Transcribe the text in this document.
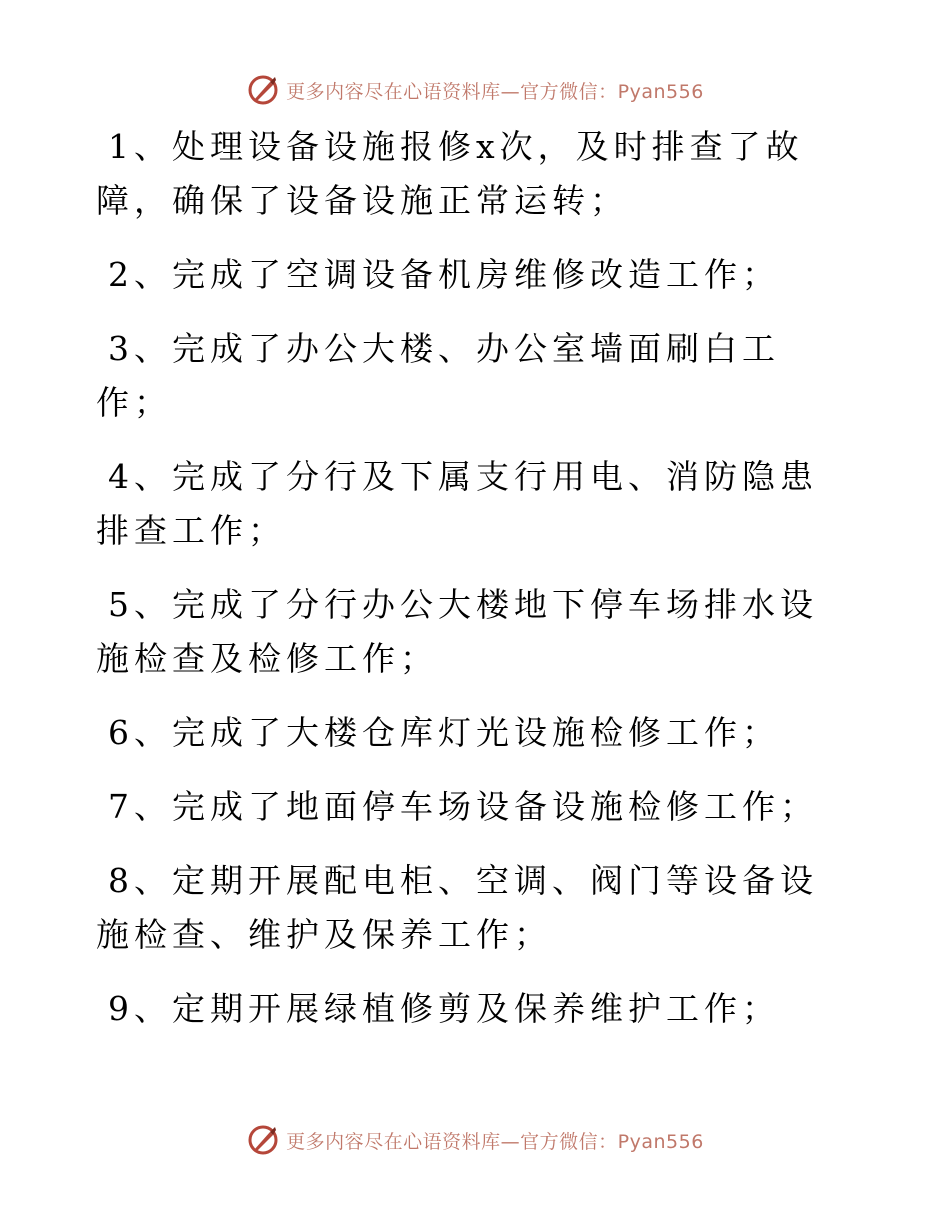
更多内容尽在心语资料库—官方微信：Pyan556

1、处理设备设施报修x次，及时排查了故障，确保了设备设施正常运转；

2、完成了空调设备机房维修改造工作；

3、完成了办公大楼、办公室墙面刷白工作；

4、完成了分行及下属支行用电、消防隐患排查工作；

5、完成了分行办公大楼地下停车场排水设施检查及检修工作；

6、完成了大楼仓库灯光设施检修工作；

7、完成了地面停车场设备设施检修工作；

8、定期开展配电柜、空调、阀门等设备设施检查、维护及保养工作；

9、定期开展绿植修剪及保养维护工作；

更多内容尽在心语资料库—官方微信：Pyan556
